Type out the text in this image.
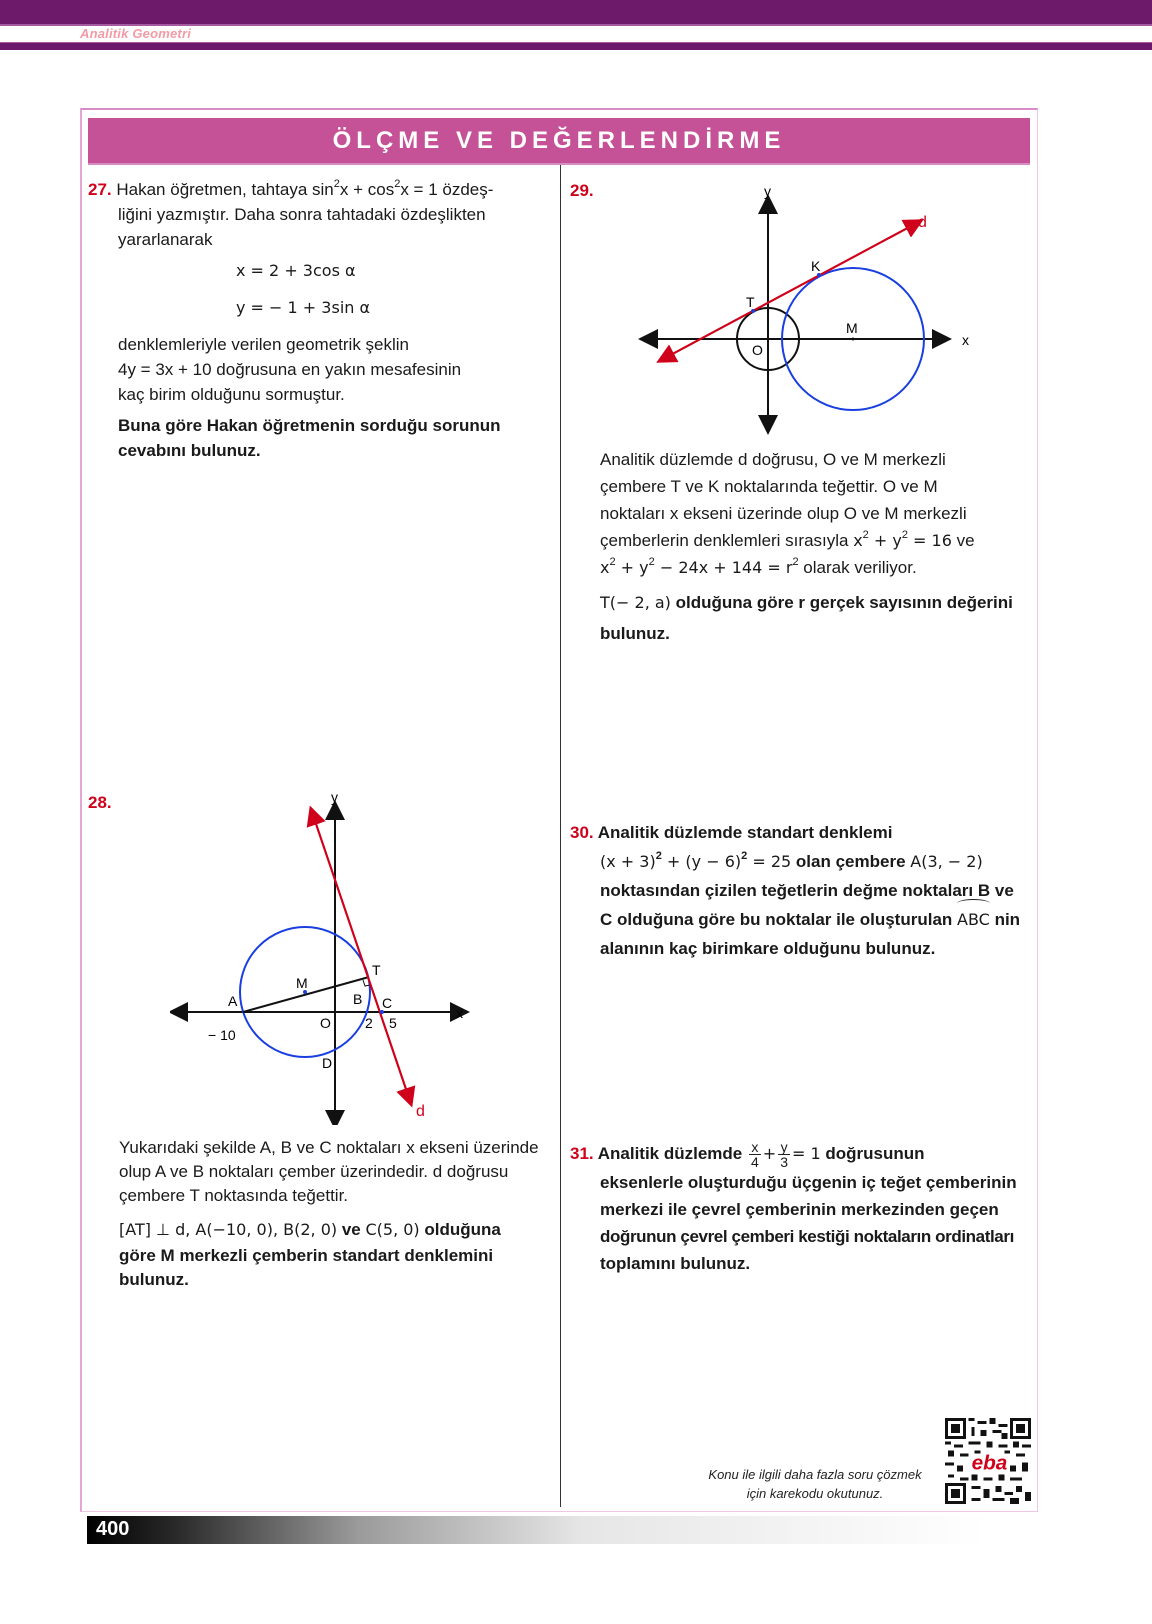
Analitik Geometri
ÖLÇME VE DEĞERLENDİRME
27. Hakan öğretmen, tahtaya $\sin^2x + \cos^2x = 1$ özdeş-
liğini yazmıştır. Daha sonra tahtadaki özdeşlikten
yararlanarak
x = 2 + 3cos α
y = − 1 + 3sin α
denklemleriyle verilen geometrik şeklin
4y = 3x + 10 doğrusuna en yakın mesafesinin
kaç birim olduğunu sormuştur.
Buna göre Hakan öğretmenin sorduğu sorunun
cevabını bulunuz.
29.	y
x
d
K
T
M
O
Analitik düzlemde d doğrusu, O ve M merkezli
çembere T ve K noktalarında teğettir. O ve M
noktaları x ekseni üzerinde olup O ve M merkezli
çemberlerin denklemleri sırasıyla $x^2 + y^2 = 16$ ve
$x^2 + y^2 - 24x + 144 = r^2$ olarak veriliyor.
T(− 2, a) olduğuna göre r gerçek sayısının değerini
bulunuz.
28.	y
x
A	B C
D
M
O
T
d
− 10
2 5
Yukarıdaki şekilde A, B ve C noktaları x ekseni üzerinde
olup A ve B noktaları çember üzerindedir. d doğrusu
çembere T noktasında teğettir.
[AT] ⊥ d, A(−10, 0), B(2, 0) ve C(5, 0) olduğuna
göre M merkezli çemberin standart denklemini
bulunuz.
30. Analitik düzlemde standart denklemi
$(x + 3)^2 + (y - 6)^2 = 25$ olan çembere A(3, − 2)
noktasından çizilen teğetlerin değme noktaları B ve
C olduğuna göre bu noktalar ile oluşturulan ABC nin
alanının kaç birimkare olduğunu bulunuz.
31. Analitik düzlemde $\frac{x}{4} + \frac{y}{3} = 1$ doğrusunun
eksenlerle oluşturduğu üçgenin iç teğet çemberinin
merkezi ile çevrel çemberinin merkezinden geçen
doğrunun çevrel çemberi kestiği noktaların ordinatları
toplamını bulunuz.
Konu ile ilgili daha fazla soru çözmek
için karekodu okutunuz.
eba
400
